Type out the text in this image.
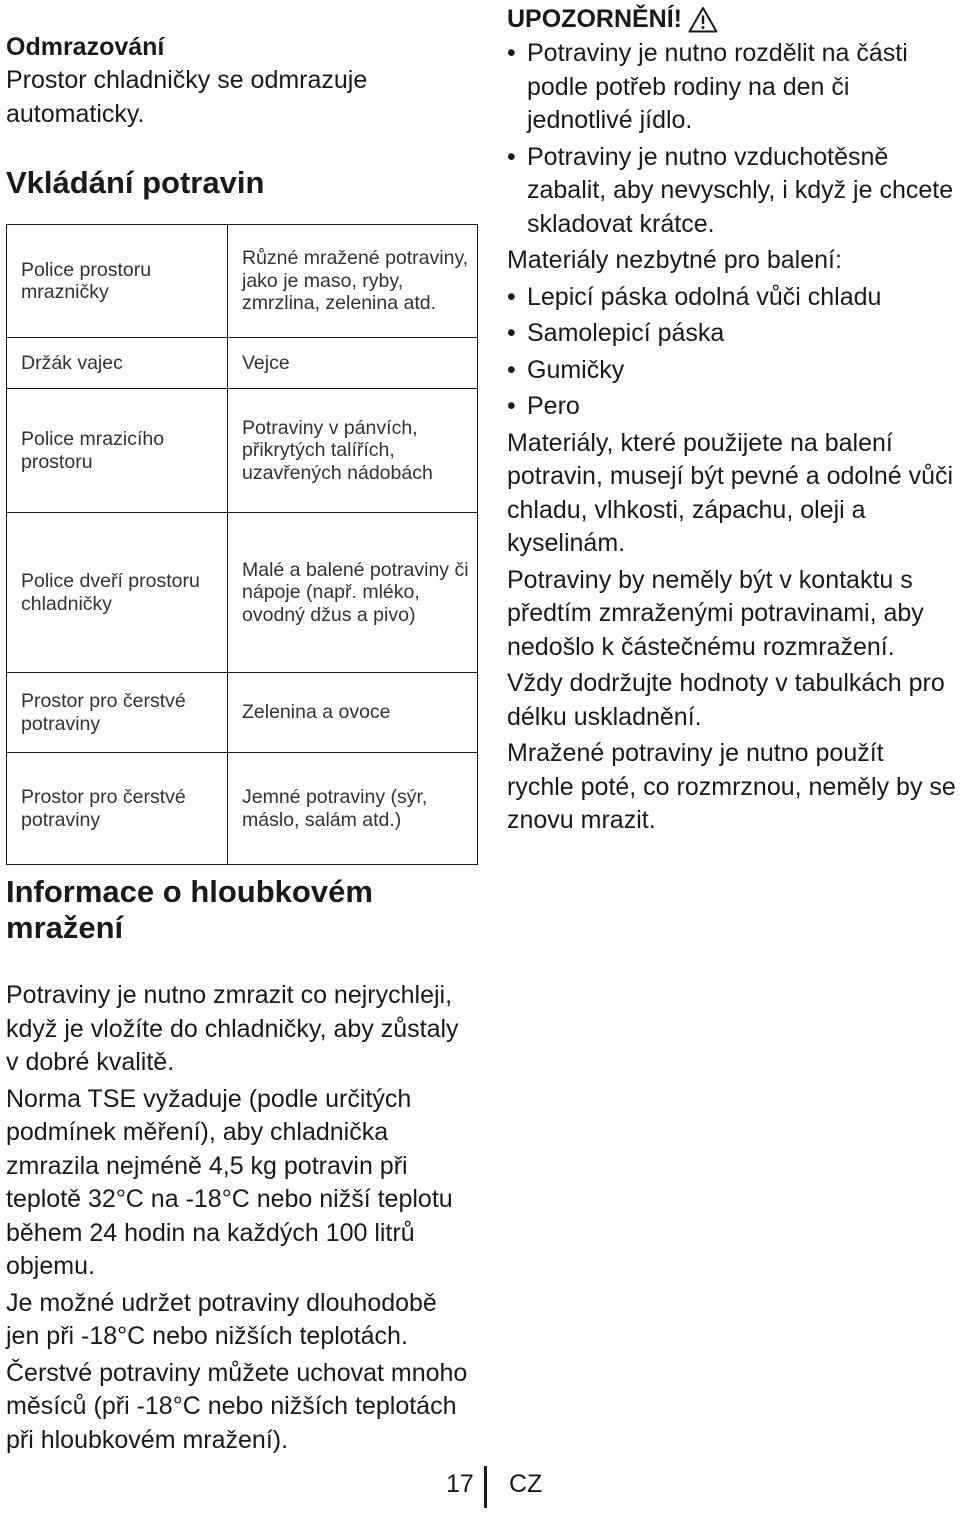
Odmrazování

Prostor chladničky se odmrazuje automaticky.

Vkládání potravin
Police prostoru mrazničky	Různé mražené potraviny, jako je maso, ryby, zmrzlina, zelenina atd.
Držák vajec	Vejce
Police mrazicího prostoru	Potraviny v pánvích, přikrytých talířích, uzavřených nádobách
Police dveří prostoru chladničky	Malé a balené potraviny či nápoje (např. mléko, ovodný džus a pivo)
Prostor pro čerstvé potraviny	Zelenina a ovoce
Prostor pro čerstvé potraviny	Jemné potraviny (sýr, máslo, salám atd.)
Informace o hloubkovém mražení

Potraviny je nutno zmrazit co nejrychleji, když je vložíte do chladničky, aby zůstaly v dobré kvalitě.

Norma TSE vyžaduje (podle určitých podmínek měření), aby chladnička zmrazila nejméně 4,5 kg potravin při teplotě 32°C na -18°C nebo nižší teplotu během 24 hodin na každých 100 litrů objemu.

Je možné udržet potraviny dlouhodobě jen při -18°C nebo nižších teplotách.

Čerstvé potraviny můžete uchovat mnoho měsíců (při -18°C nebo nižších teplotách při hloubkovém mražení).

UPOZORNĚNÍ!

• Potraviny je nutno rozdělit na části podle potřeb rodiny na den či jednotlivé jídlo.

• Potraviny je nutno vzduchotěsně zabalit, aby nevyschly, i když je chcete skladovat krátce.

Materiály nezbytné pro balení:

• Lepicí páska odolná vůči chladu

• Samolepicí páska

• Gumičky

• Pero

Materiály, které použijete na balení potravin, musejí být pevné a odolné vůči chladu, vlhkosti, zápachu, oleji a kyselinám.

Potraviny by neměly být v kontaktu s předtím zmraženými potravinami, aby nedošlo k částečnému rozmražení.

Vždy dodržujte hodnoty v tabulkách pro délku uskladnění.

Mražené potraviny je nutno použít rychle poté, co rozmrznou, neměly by se znovu mrazit.

17 CZ
